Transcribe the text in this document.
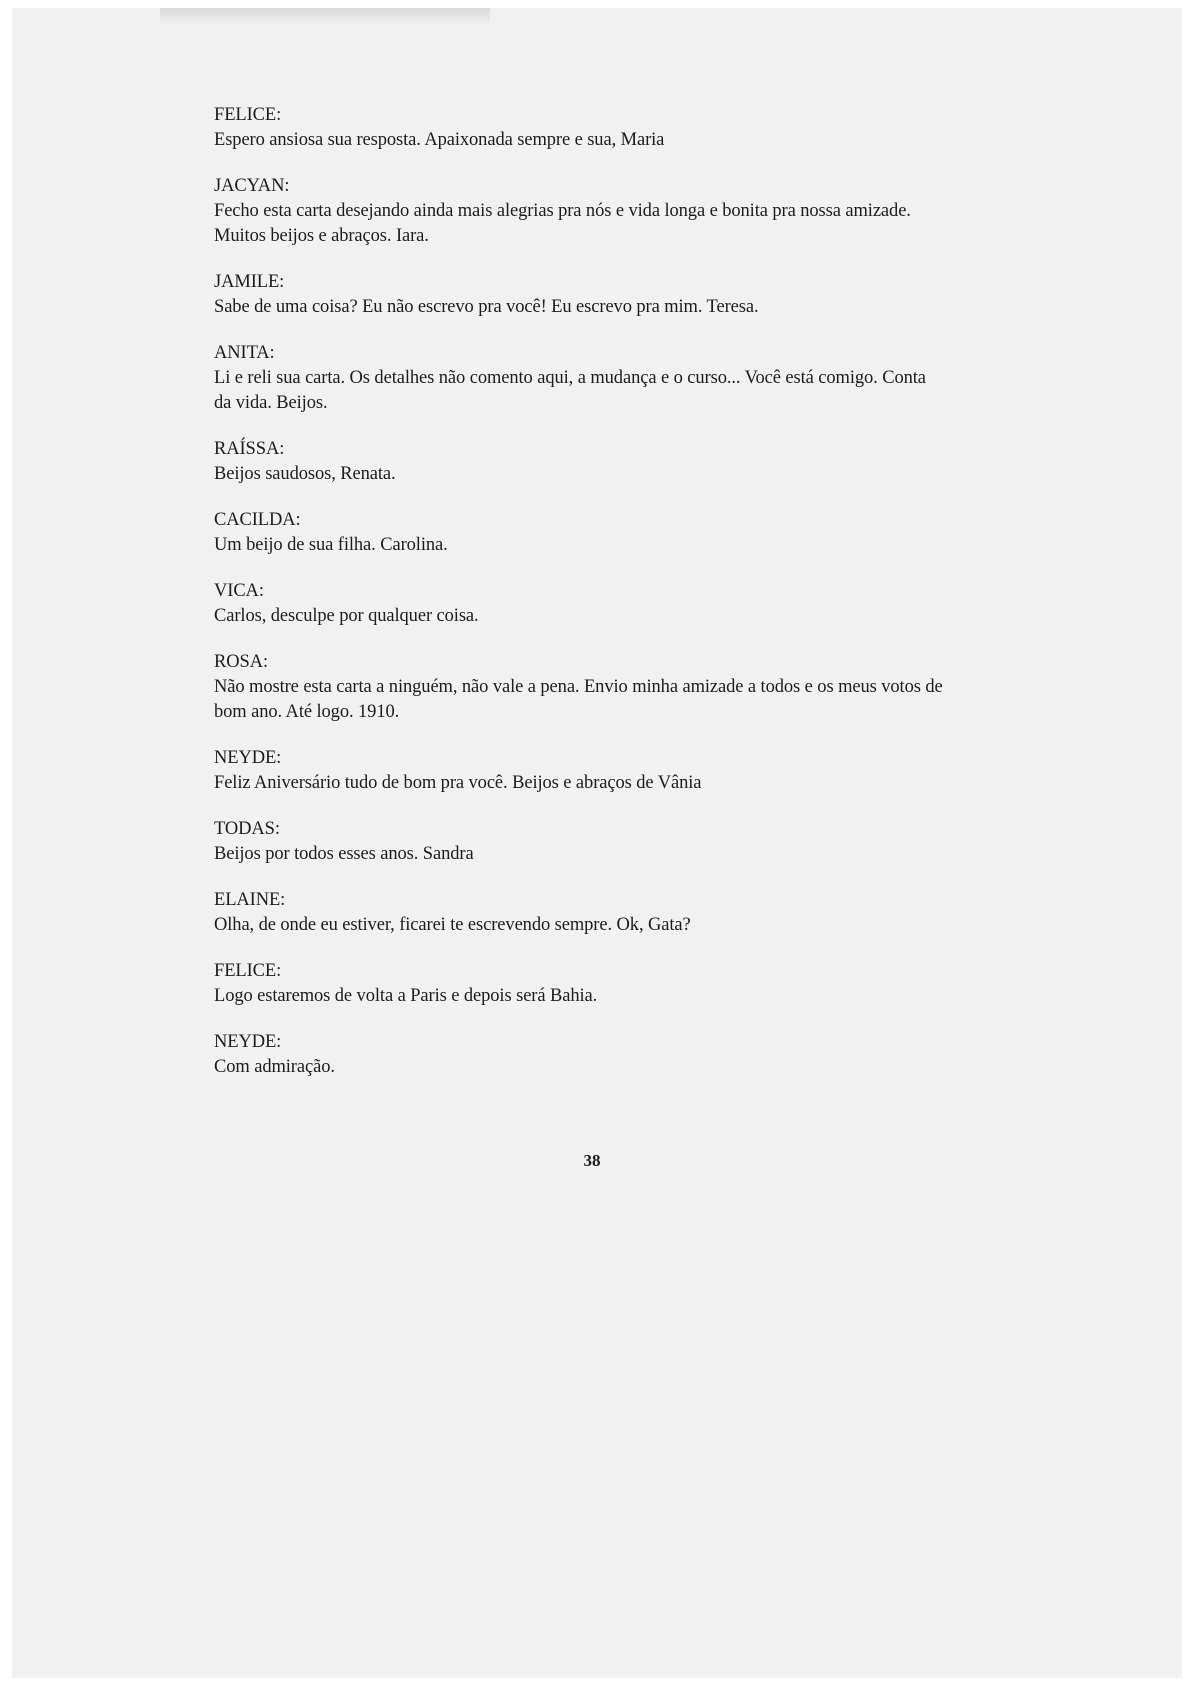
FELICE:
Espero ansiosa sua resposta. Apaixonada sempre e sua, Maria
JACYAN:
Fecho esta carta desejando ainda mais alegrias pra nós e vida longa e bonita pra nossa amizade. Muitos beijos e abraços. Iara.
JAMILE:
Sabe de uma coisa? Eu não escrevo pra você! Eu escrevo pra mim. Teresa.
ANITA:
Li e reli sua carta. Os detalhes não comento aqui, a mudança e o curso... Você está comigo. Conta da vida. Beijos.
RAÍSSA:
Beijos saudosos, Renata.
CACILDA:
Um beijo de sua filha. Carolina.
VICA:
Carlos, desculpe por qualquer coisa.
ROSA:
Não mostre esta carta a ninguém, não vale a pena. Envio minha amizade a todos e os meus votos de bom ano. Até logo. 1910.
NEYDE:
Feliz Aniversário tudo de bom pra você. Beijos e abraços de Vânia
TODAS:
Beijos por todos esses anos. Sandra
ELAINE:
Olha, de onde eu estiver, ficarei te escrevendo sempre. Ok, Gata?
FELICE:
Logo estaremos de volta a Paris e depois será Bahia.
NEYDE:
Com admiração.
38
